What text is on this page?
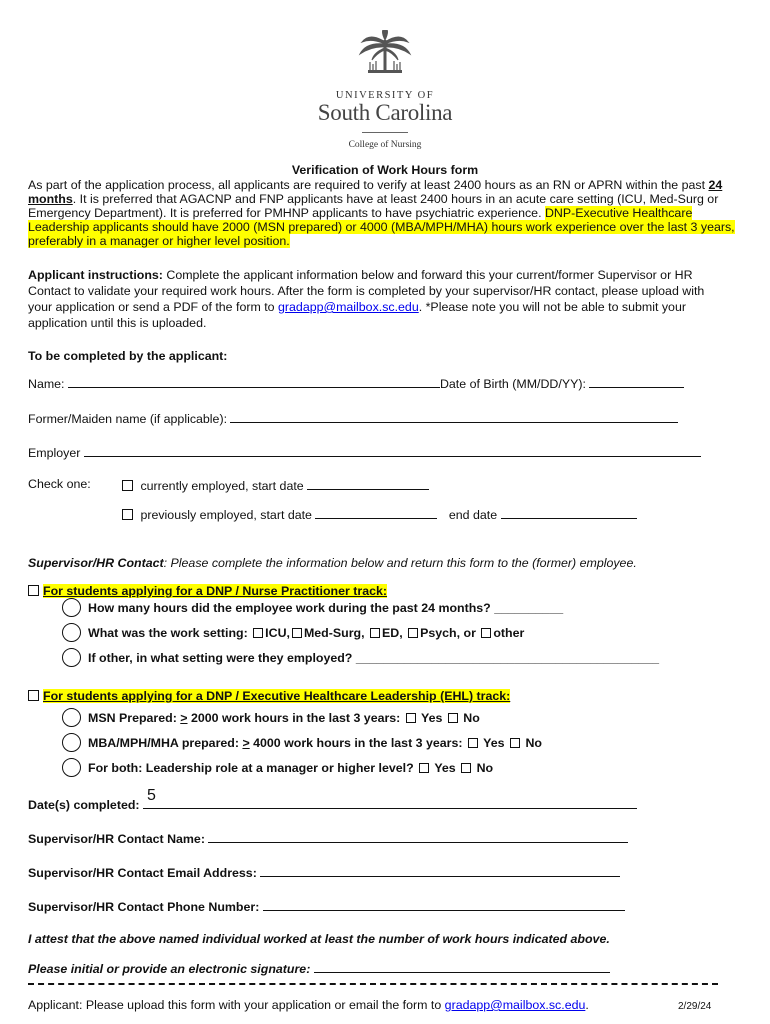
UNIVERSITY OF
South Carolina
College of Nursing
Verification of Work Hours form

As part of the application process, all applicants are required to verify at least 2400 hours as an RN or APRN within the past 24 months. It is preferred that AGACNP and FNP applicants have at least 2400 hours in an acute care setting (ICU, Med-Surg or Emergency Department). It is preferred for PMHNP applicants to have psychiatric experience. DNP-Executive Healthcare Leadership applicants should have 2000 (MSN prepared) or 4000 (MBA/MPH/MHA) hours work experience over the last 3 years, preferably in a manager or higher level position.

Applicant instructions: Complete the applicant information below and forward this your current/former Supervisor or HR Contact to validate your required work hours. After the form is completed by your supervisor/HR contact, please upload with your application or send a PDF of the form to gradapp@mailbox.sc.edu. *Please note you will not be able to submit your application until this is uploaded.

To be completed by the applicant:
Name:	Date of Birth (MM/DD/YY):
Former/Maiden name (if applicable):
Employer
Check one:	currently employed, start date
previously employed, start date	end date
Supervisor/HR Contact: Please complete the information below and return this form to the (former) employee.
For students applying for a DNP / Nurse Practitioner track:
How many hours did the employee work during the past 24 months? __________
What was the work setting: ICU, Med-Surg, ED, Psych, or other
If other, in what setting were they employed? ____________________________________________
For students applying for a DNP / Executive Healthcare Leadership (EHL) track:
MSN Prepared: > 2000 work hours in the last 3 years:  Yes No
MBA/MPH/MHA prepared: > 4000 work hours in the last 3 years:  Yes No
For both: Leadership role at a manager or higher level?  Yes No
Date(s) completed:
5
Supervisor/HR Contact Name:
Supervisor/HR Contact Email Address:
Supervisor/HR Contact Phone Number:
I attest that the above named individual worked at least the number of work hours indicated above.
Please initial or provide an electronic signature:
Applicant: Please upload this form with your application or email the form to gradapp@mailbox.sc.edu.	2/29/24
